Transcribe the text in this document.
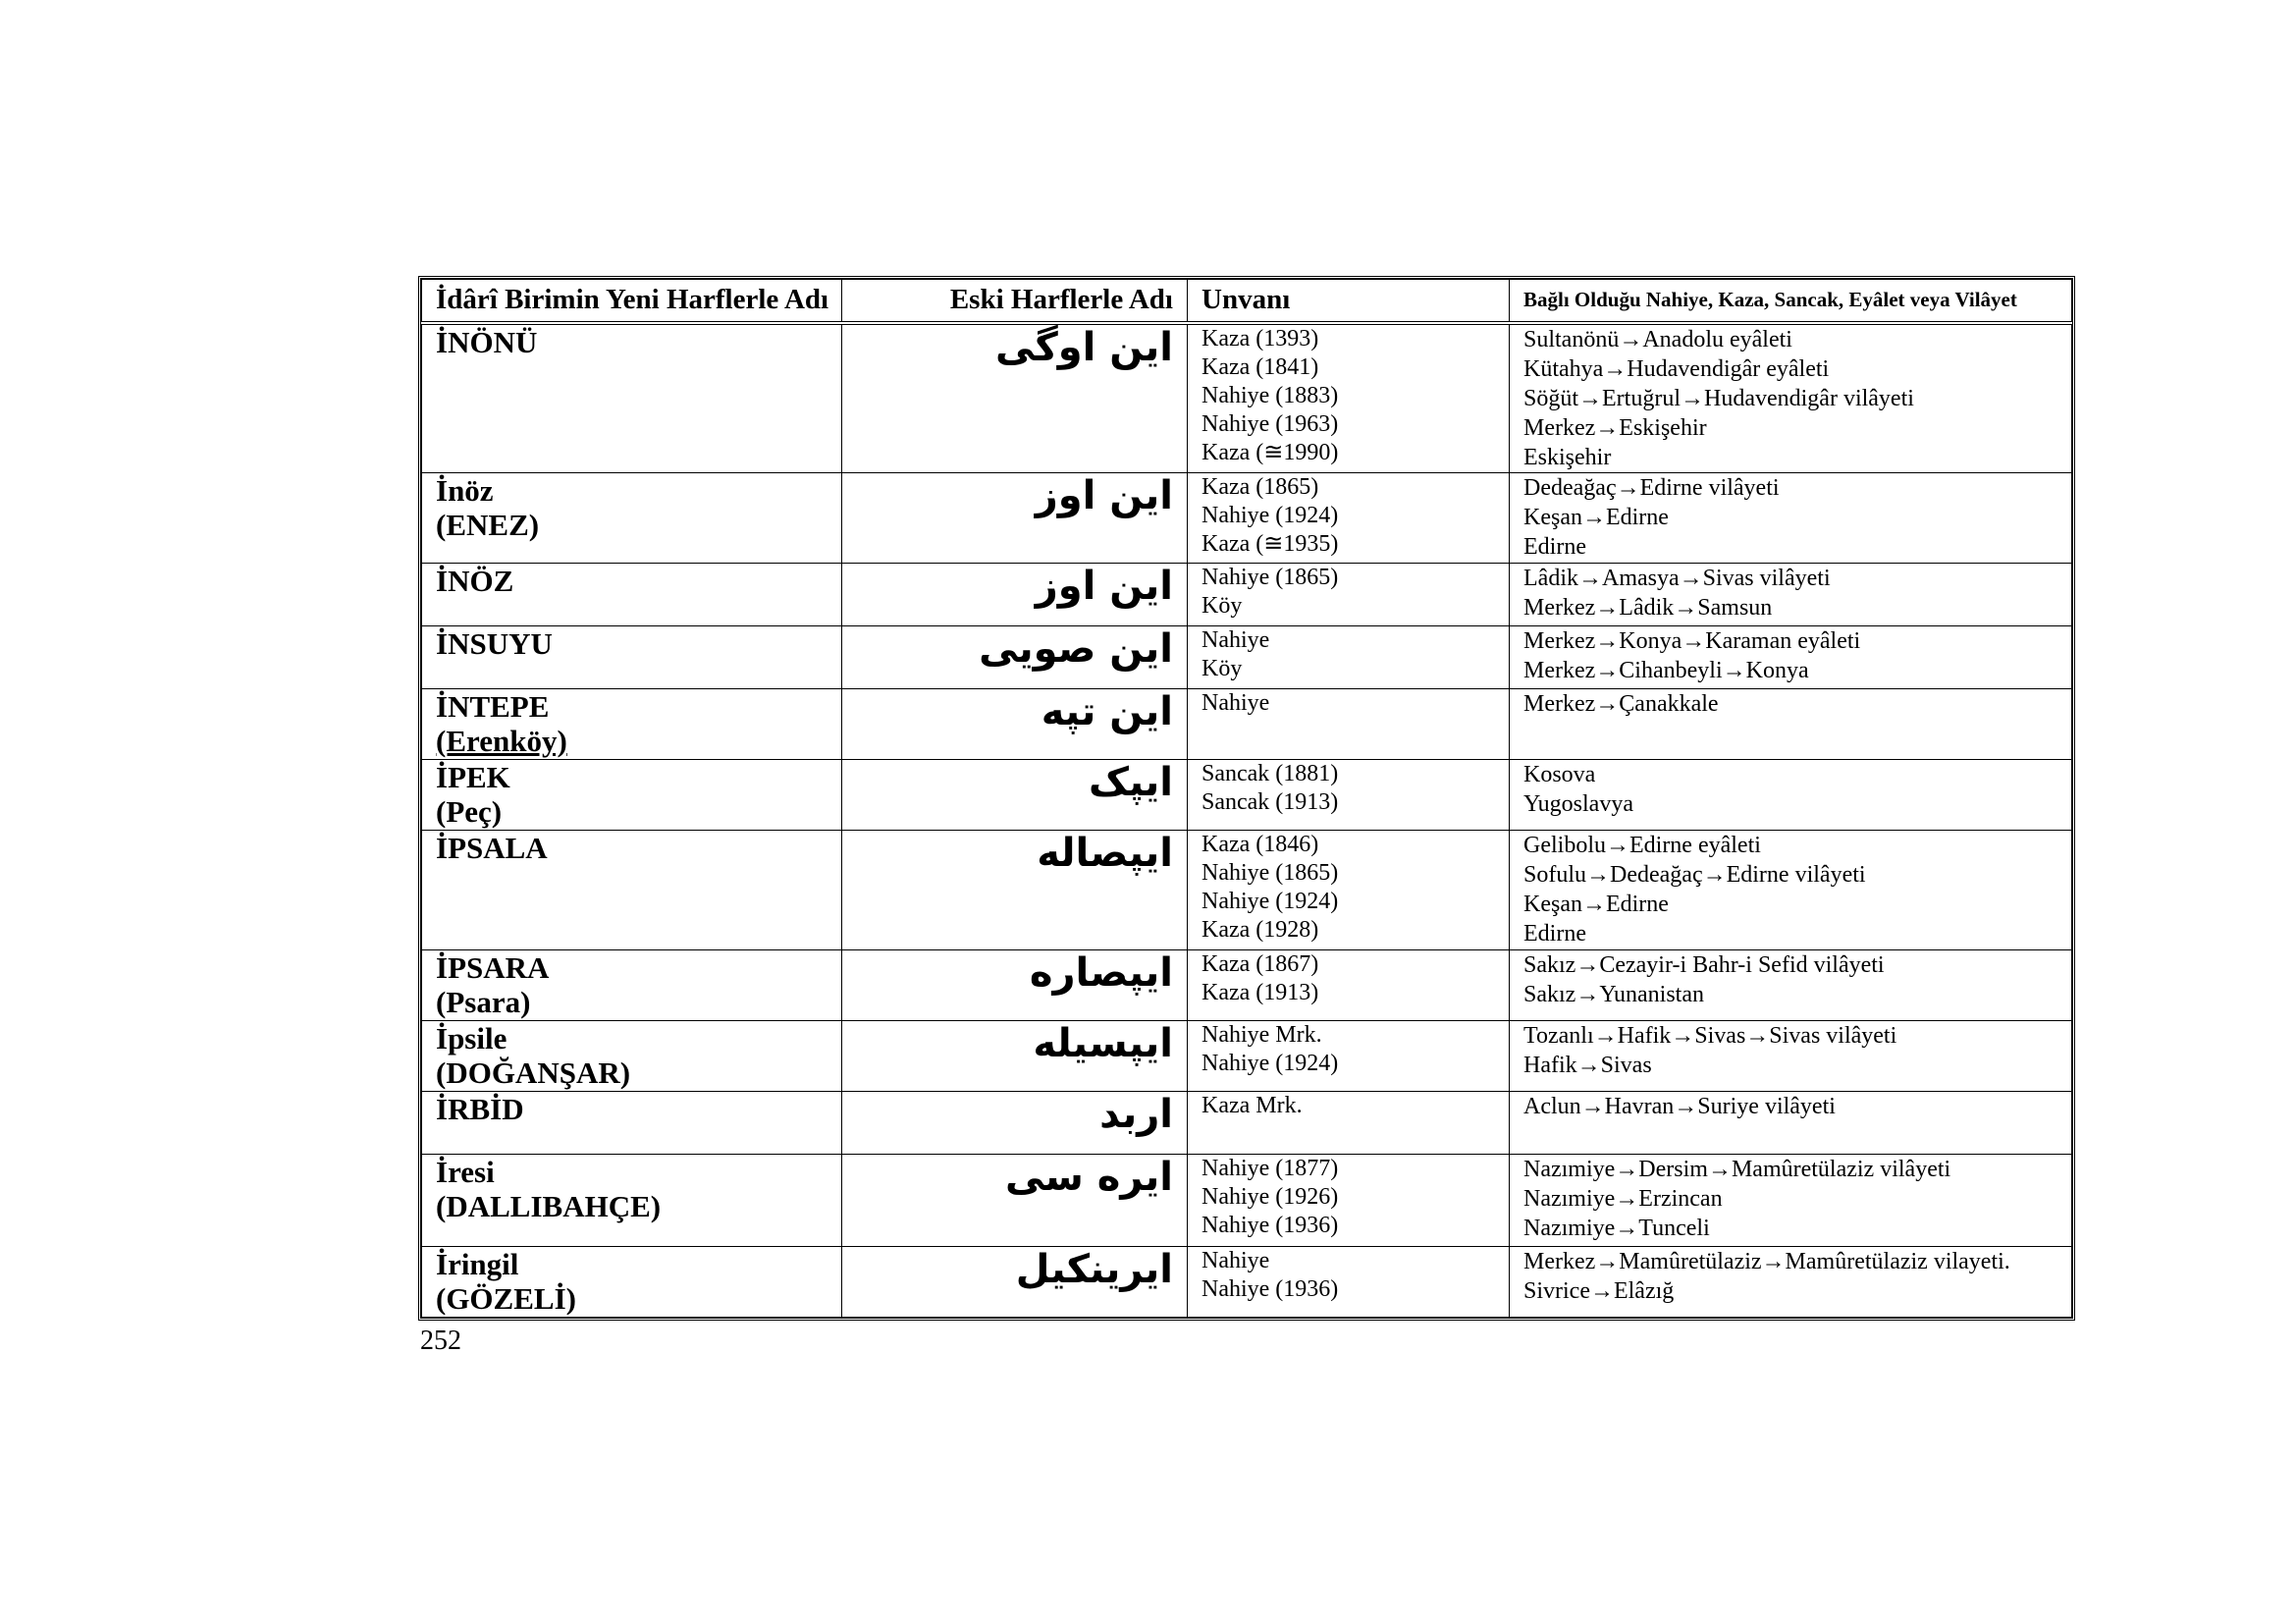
İdârî Birimin Yeni Harflerle Adı	Eski Harflerle Adı	Unvanı	Bağlı Olduğu Nahiye, Kaza, Sancak, Eyâlet veya Vilâyet

İNÖNÜ	این اوگی	Kaza (1393)
Kaza (1841)
Nahiye (1883)
Nahiye (1963)
Kaza (≅1990)	Sultanönü→Anadolu eyâleti
Kütahya→Hudavendigâr eyâleti
Söğüt→Ertuğrul→Hudavendigâr vilâyeti
Merkez→Eskişehir
Eskişehir

İnöz
(ENEZ)	این اوز	Kaza (1865)
Nahiye (1924)
Kaza (≅1935)	Dedeağaç→Edirne vilâyeti
Keşan→Edirne
Edirne

İNÖZ	این اوز	Nahiye (1865)
Köy	Lâdik→Amasya→Sivas vilâyeti
Merkez→Lâdik→Samsun

İNSUYU	این صویی	Nahiye
Köy	Merkez→Konya→Karaman eyâleti
Merkez→Cihanbeyli→Konya

İNTEPE
(Erenköy)	این تپه	Nahiye	Merkez→Çanakkale

İPEK
(Peç)	ایپک	Sancak (1881)
Sancak (1913)	Kosova
Yugoslavya

İPSALA	ایپصاله	Kaza (1846)
Nahiye (1865)
Nahiye (1924)
Kaza (1928)	Gelibolu→Edirne eyâleti
Sofulu→Dedeağaç→Edirne vilâyeti
Keşan→Edirne
Edirne

İPSARA
(Psara)	ایپصاره	Kaza (1867)
Kaza (1913)	Sakız→Cezayir-i Bahr-i Sefid vilâyeti
Sakız→Yunanistan

İpsile
(DOĞANŞAR)	ایپسیله	Nahiye Mrk.
Nahiye (1924)	Tozanlı→Hafik→Sivas→Sivas vilâyeti
Hafik→Sivas

İRBİD	اربد	Kaza Mrk.	Aclun→Havran→Suriye vilâyeti

İresi
(DALLIBAHÇE)	ایره سی	Nahiye (1877)
Nahiye (1926)
Nahiye (1936)	Nazımiye→Dersim→Mamûretülaziz vilâyeti
Nazımiye→Erzincan
Nazımiye→Tunceli

İringil
(GÖZELİ)	ایرینکیل	Nahiye
Nahiye (1936)	Merkez→Mamûretülaziz→Mamûretülaziz vilayeti.
Sivrice→Elâzığ
252
